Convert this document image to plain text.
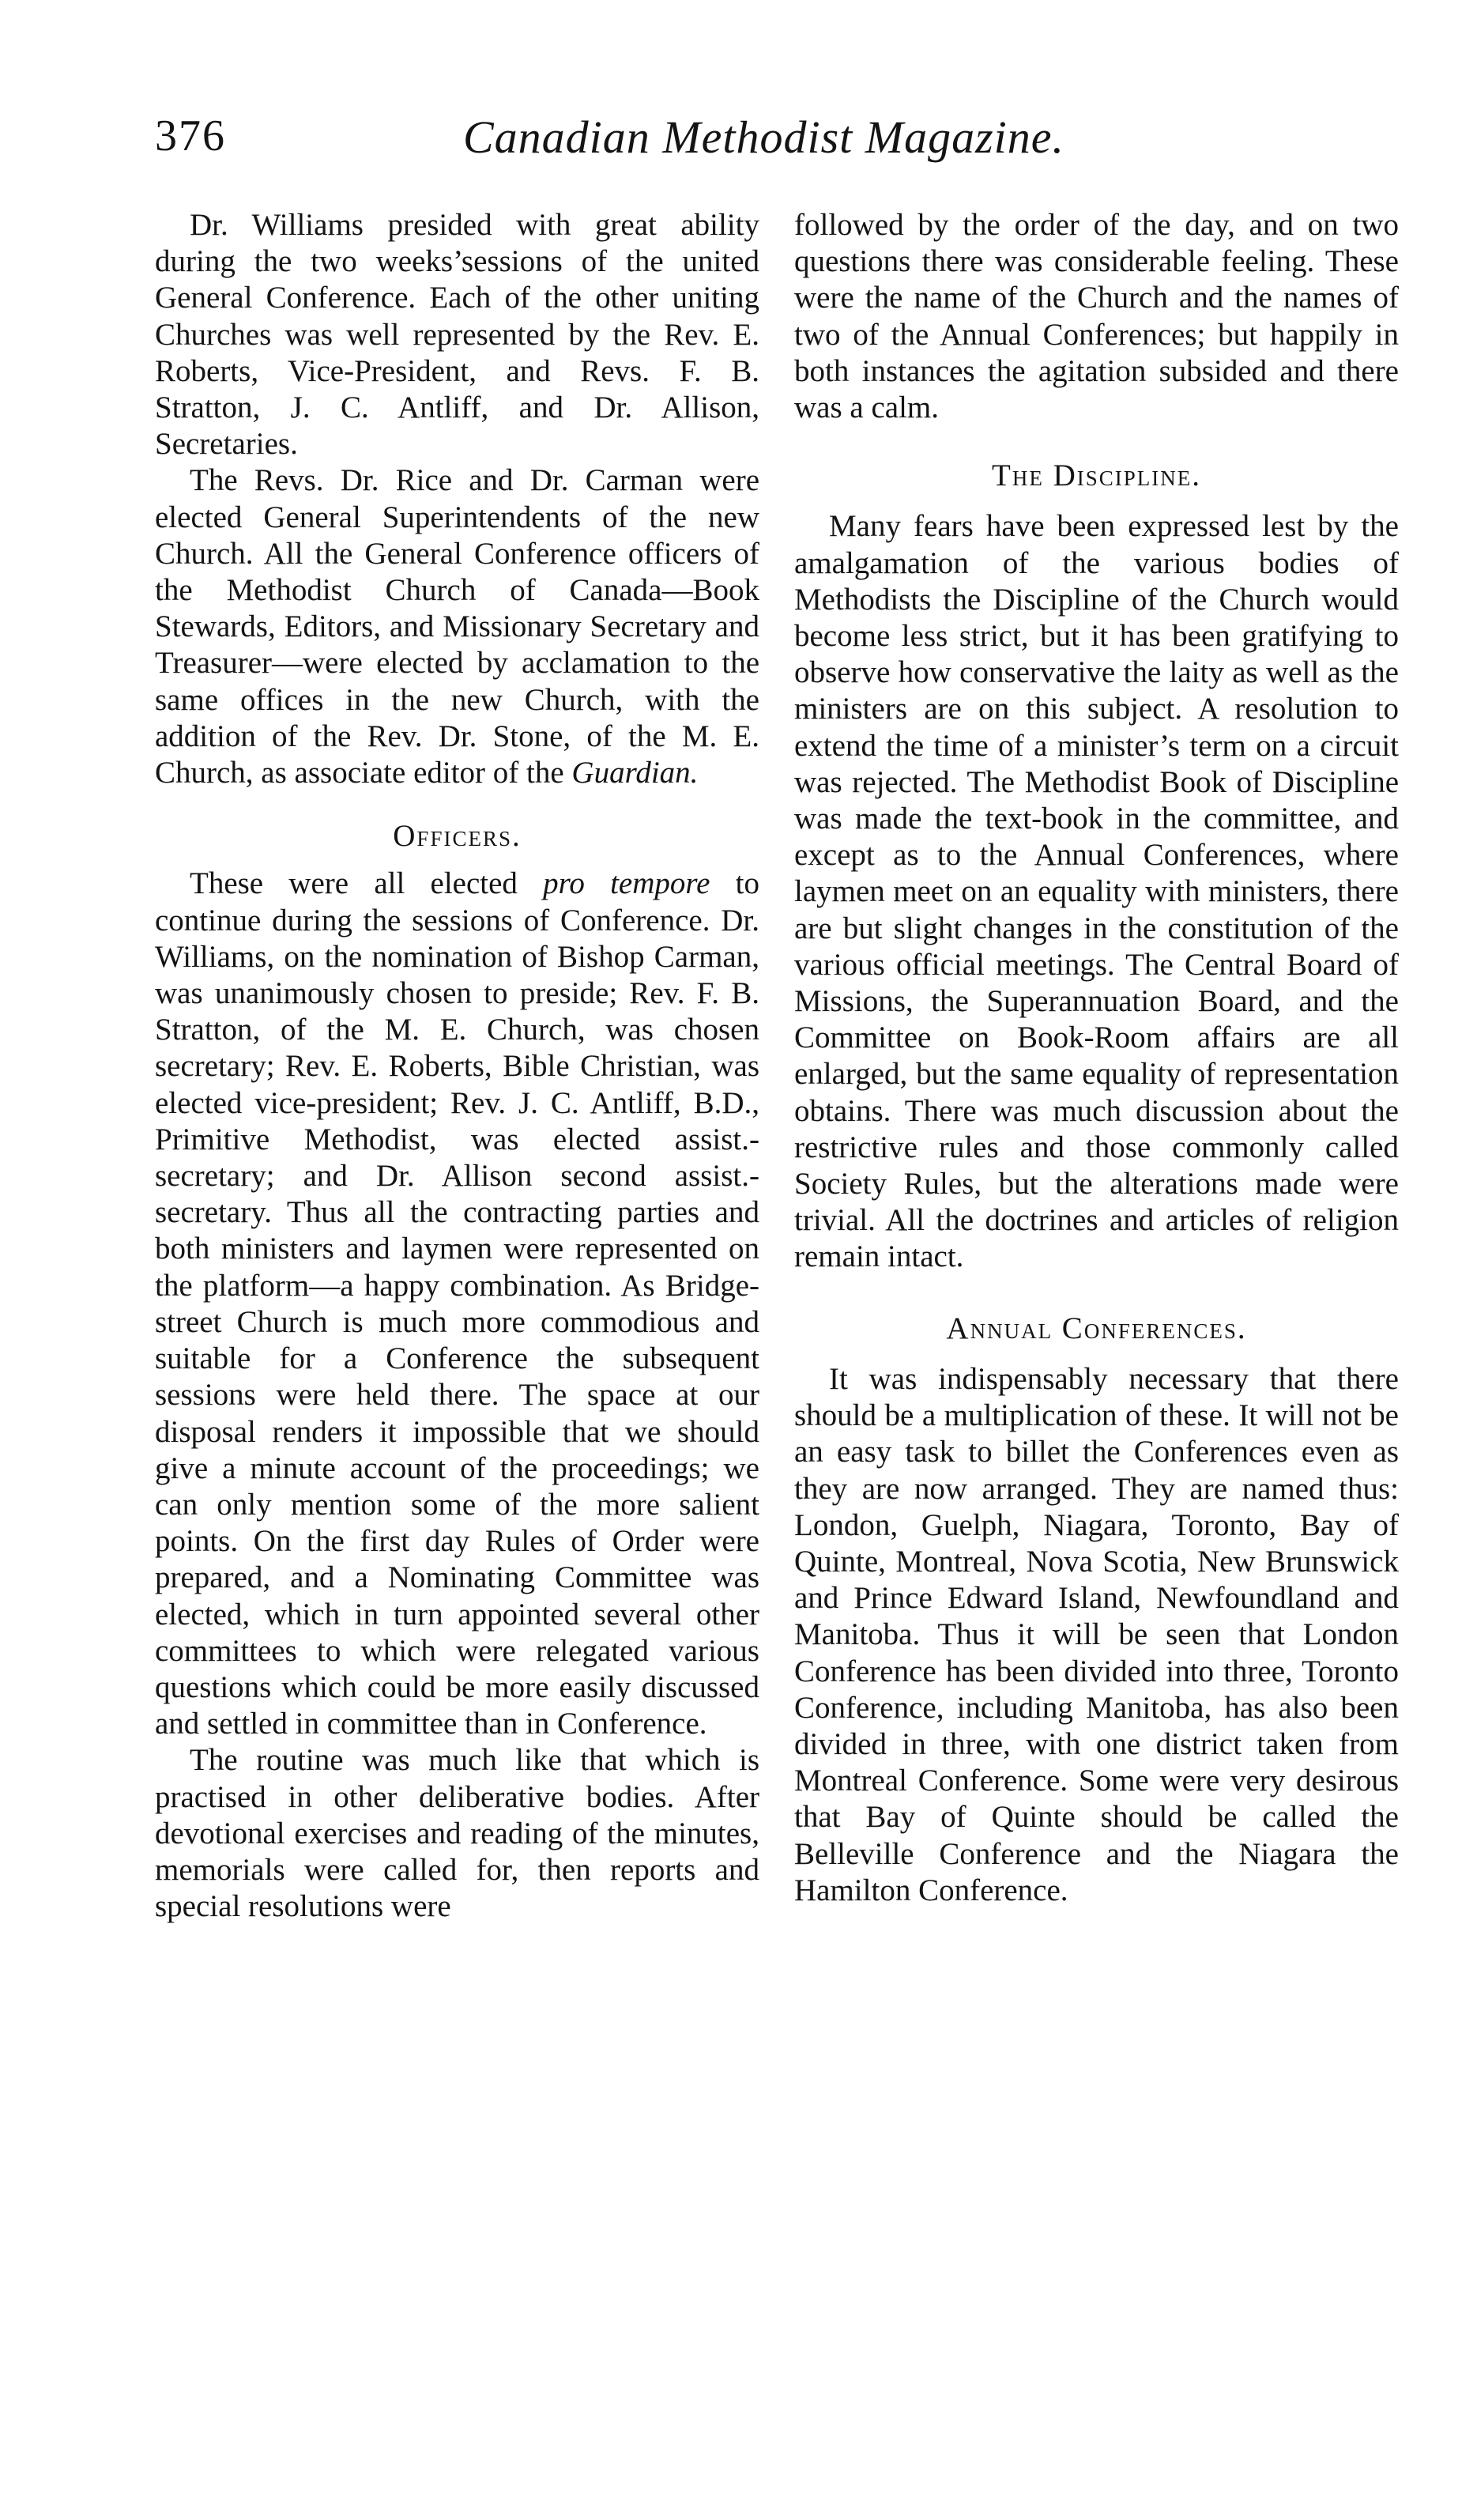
376	Canadian Methodist Magazine.

Dr. Williams presided with great ability during the two weeks’sessions of the united General Conference. Each of the other uniting Churches was well represented by the Rev. E. Roberts, Vice-President, and Revs. F. B. Stratton, J. C. Antliff, and Dr. Allison, Secretaries.

The Revs. Dr. Rice and Dr. Carman were elected General Superintendents of the new Church. All the General Conference officers of the Methodist Church of Canada—Book Stewards, Editors, and Missionary Secretary and Treasurer—were elected by acclamation to the same offices in the new Church, with the addition of the Rev. Dr. Stone, of the M. E. Church, as associate editor of the Guardian.

Officers.

These were all elected pro tempore to continue during the sessions of Conference. Dr. Williams, on the nomination of Bishop Carman, was unanimously chosen to preside; Rev. F. B. Stratton, of the M. E. Church, was chosen secretary; Rev. E. Roberts, Bible Christian, was elected vice-president; Rev. J. C. Antliff, B.D., Primitive Methodist, was elected assist.-secretary; and Dr. Allison second assist.-secretary. Thus all the contracting parties and both ministers and laymen were represented on the platform—a happy combination. As Bridge-street Church is much more commodious and suitable for a Conference the subsequent sessions were held there. The space at our disposal renders it impossible that we should give a minute account of the proceedings; we can only mention some of the more salient points. On the first day Rules of Order were prepared, and a Nominating Committee was elected, which in turn appointed several other committees to which were relegated various questions which could be more easily discussed and settled in committee than in Conference.

The routine was much like that which is practised in other deliberative bodies. After devotional exercises and reading of the minutes, memorials were called for, then reports and special resolutions were

followed by the order of the day, and on two questions there was considerable feeling. These were the name of the Church and the names of two of the Annual Conferences; but happily in both instances the agitation subsided and there was a calm.

The Discipline.

Many fears have been expressed lest by the amalgamation of the various bodies of Methodists the Discipline of the Church would become less strict, but it has been gratifying to observe how conservative the laity as well as the ministers are on this subject. A resolution to extend the time of a minister’s term on a circuit was rejected. The Methodist Book of Discipline was made the text-book in the committee, and except as to the Annual Conferences, where laymen meet on an equality with ministers, there are but slight changes in the constitution of the various official meetings. The Central Board of Missions, the Superannuation Board, and the Committee on Book-Room affairs are all enlarged, but the same equality of representation obtains. There was much discussion about the restrictive rules and those commonly called Society Rules, but the alterations made were trivial. All the doctrines and articles of religion remain intact.

Annual Conferences.

It was indispensably necessary that there should be a multiplication of these. It will not be an easy task to billet the Conferences even as they are now arranged. They are named thus: London, Guelph, Niagara, Toronto, Bay of Quinte, Montreal, Nova Scotia, New Brunswick and Prince Edward Island, Newfoundland and Manitoba. Thus it will be seen that London Conference has been divided into three, Toronto Conference, including Manitoba, has also been divided in three, with one district taken from Montreal Conference. Some were very desirous that Bay of Quinte should be called the Belleville Conference and the Niagara the Hamilton Conference.
